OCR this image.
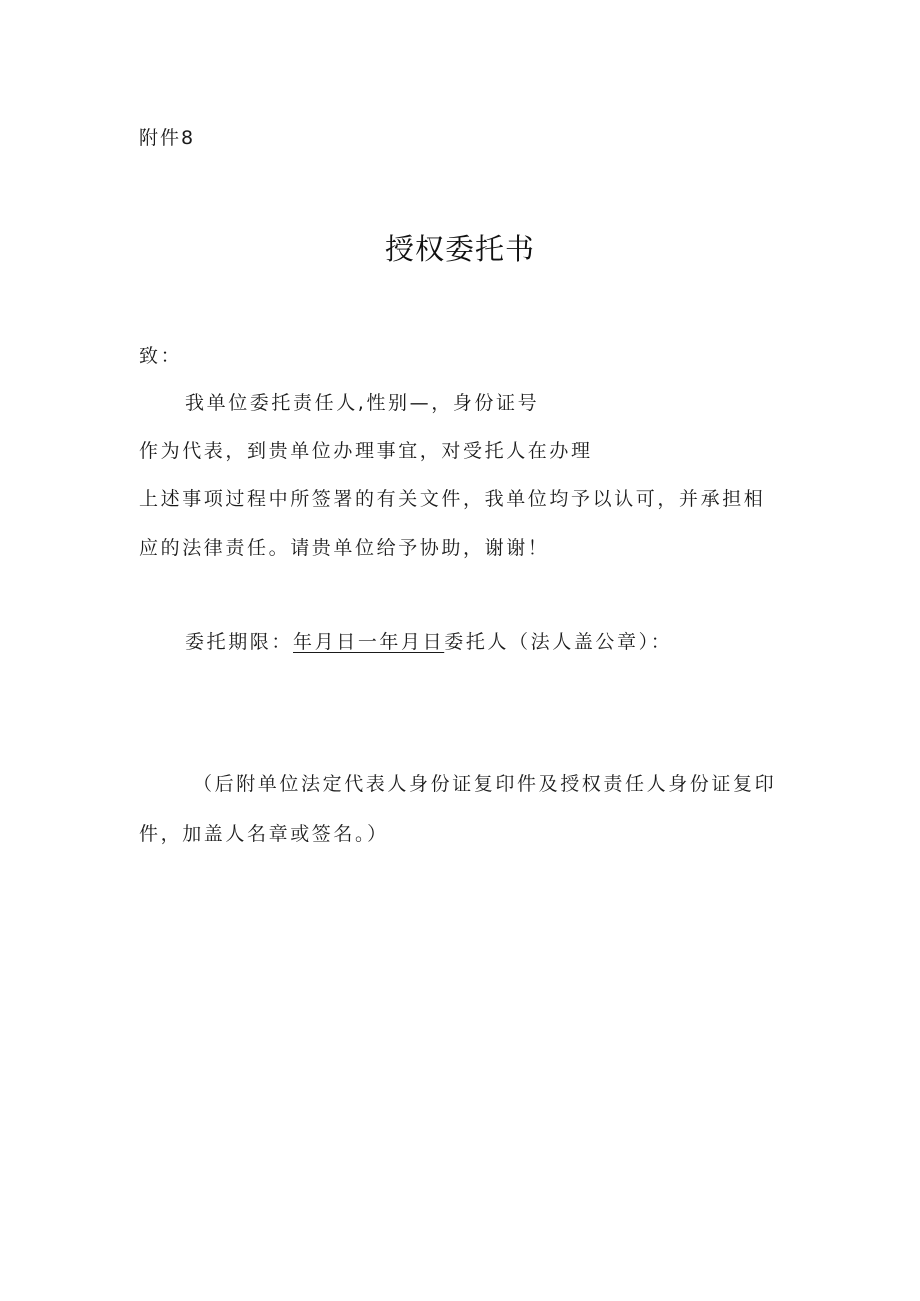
附件8
授权委托书
致：
我单位委托责任人,性别—，身份证号
作为代表，到贵单位办理事宜，对受托人在办理
上述事项过程中所签署的有关文件，我单位均予以认可，并承担相
应的法律责任。请贵单位给予协助，谢谢！
委托期限：年月日一年月日委托人（法人盖公章）：
（后附单位法定代表人身份证复印件及授权责任人身份证复印
件，加盖人名章或签名。）
